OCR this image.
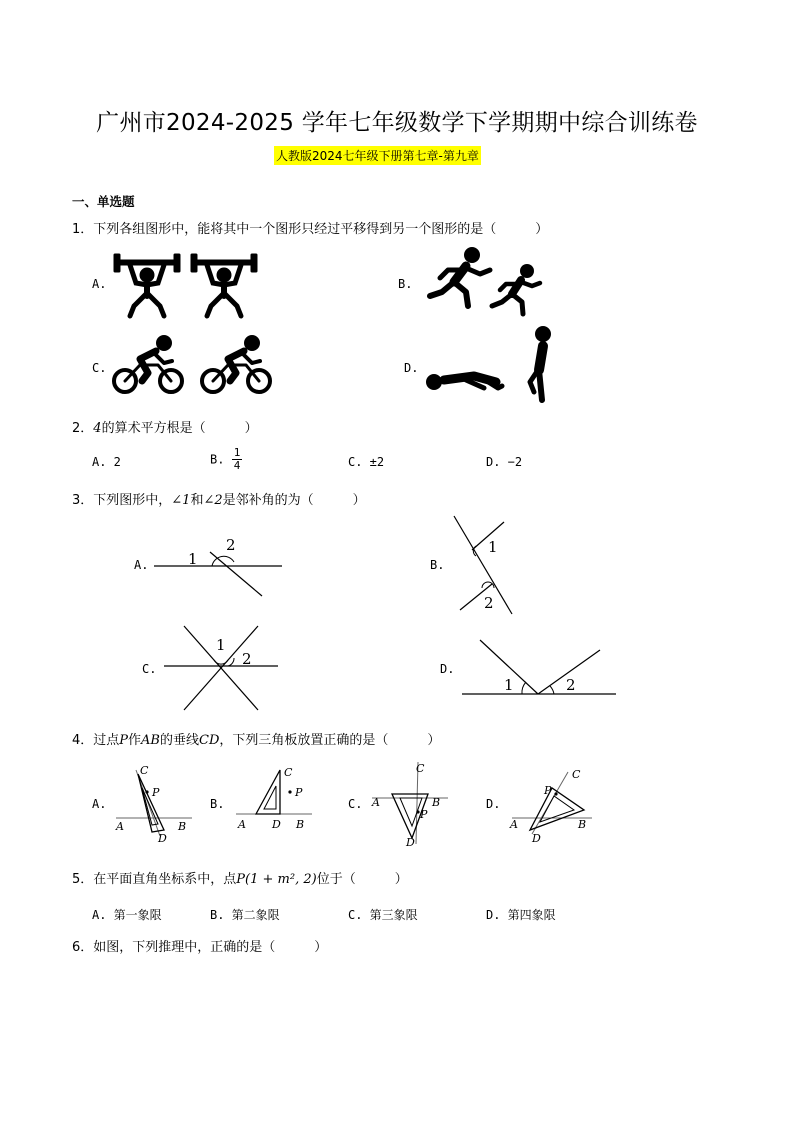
广州市2024-2025 学年七年级数学下学期期中综合训练卷
人教版2024七年级下册第七章-第九章
一、单选题
1．下列各组图形中，能将其中一个图形只经过平移得到另一个图形的是（　　　）
A.	B.
C.	D.
2．4的算术平方根是（　　　）
A. 2	B. $\frac{1}{4}$	C. ±2	D. −2
3．下列图形中，∠1和∠2是邻补角的为（　　　）
A.	B.
C.	D.
1
2	1
2
1
2
1	2
4．过点P作AB的垂线CD，下列三角板放置正确的是（　　　）
A.	B.	C.	D.
C
P
A	B
D
C
P
A D B
C
A	B
P
D
C
P
A	B
D
5．在平面直角坐标系中，点P(1 + m², 2)位于（　　　）
A. 第一象限	B. 第二象限	C. 第三象限	D. 第四象限
6．如图，下列推理中，正确的是（　　　）
